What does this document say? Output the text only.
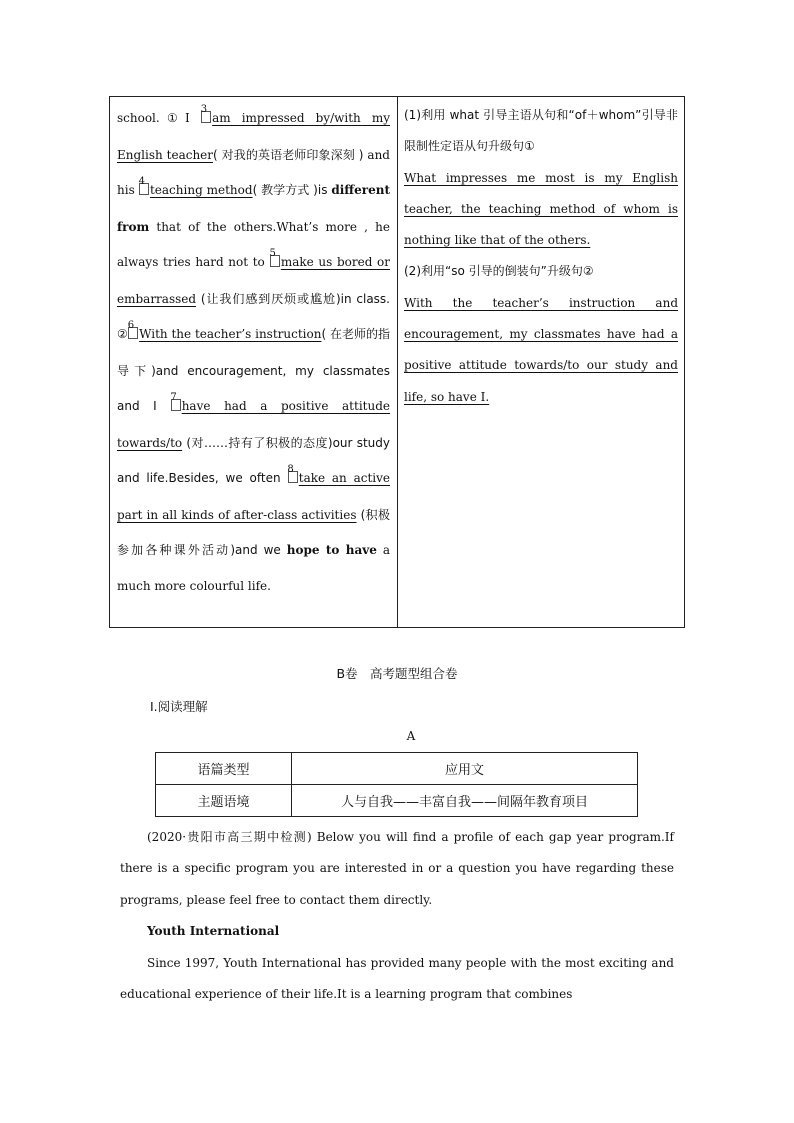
school.①I $^3$am impressed by/with my English teacher( 对我的英语老师印象深刻 ) and his $^4$teaching method( 教学方式 )is different from that of the others.What’s more , he always tries hard not to $^5$make us bored or embarrassed (让我们感到厌烦或尴尬)in class. ②$^6$With the teacher’s instruction( 在老师的指导下)and encouragement, my classmates and I $^7$have had a positive attitude towards/to (对……持有了积极的态度)our study and life.Besides, we often $^8$take an active part in all kinds of after-class activities (积极参加各种课外活动)and we hope to have a much more colourful life.

(1)利用 what 引导主语从句和“of＋whom”引导非限制性定语从句升级句①

What impresses me most is my English teacher, the teaching method of whom is nothing like that of the others.

(2)利用“so 引导的倒装句”升级句②

With the teacher’s instruction and encouragement, my classmates have had a positive attitude towards/to our study and life, so have I.

B卷　高考题型组合卷
Ⅰ.阅读理解
A
语篇类型	应用文
主题语境	人与自我——丰富自我——间隔年教育项目

(2020·贵阳市高三期中检测) Below you will find a profile of each gap year program.If there is a specific program you are interested in or a question you have regarding these programs, please feel free to contact them directly.

Youth International

Since 1997, Youth International has provided many people with the most exciting and educational experience of their life.It is a learning program that combines
